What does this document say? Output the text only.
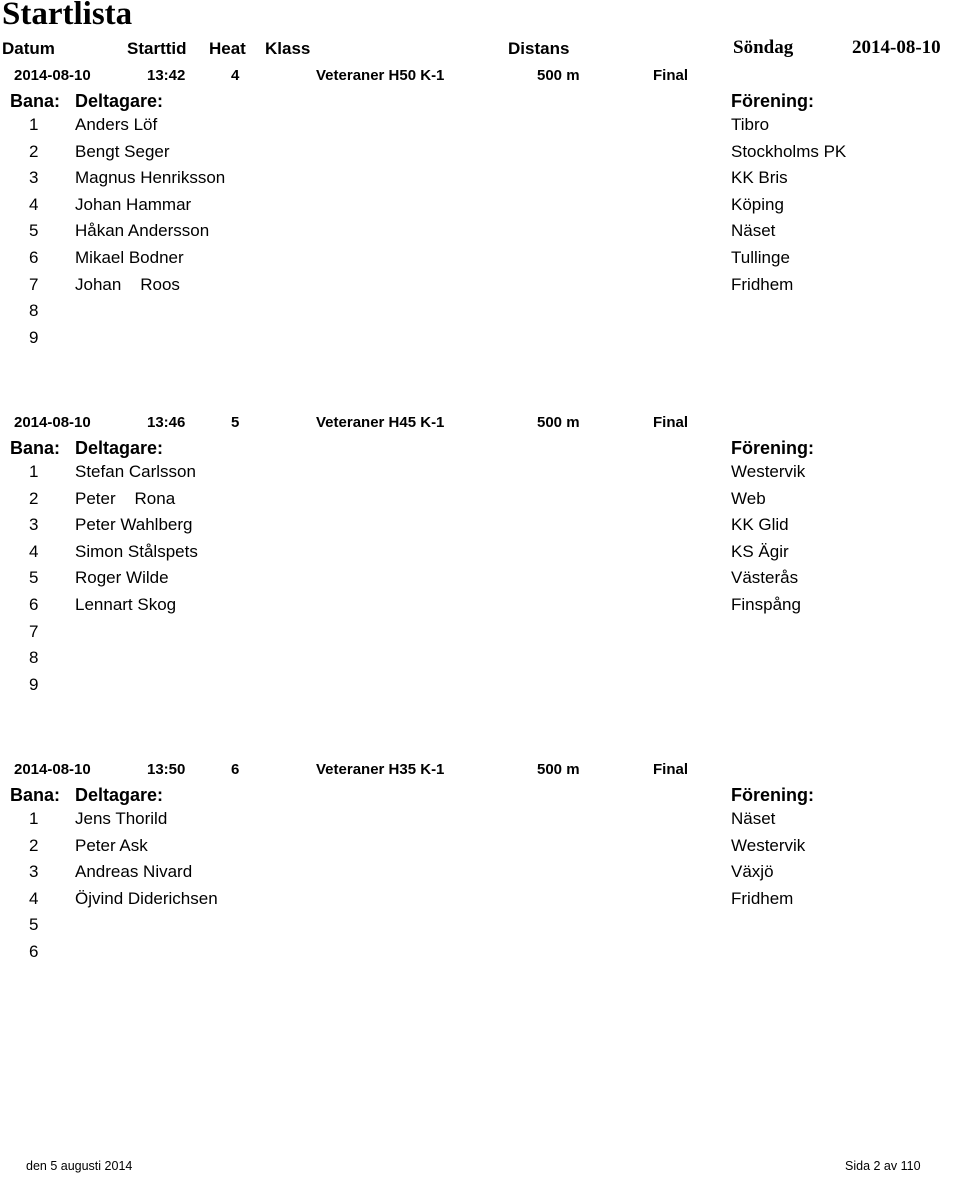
Startlista
Datum	Starttid Heat Klass	Distans	Söndag	2014-08-10
2014-08-10	13:42	4	Veteraner H50 K-1	500 m	Final
Bana: Deltagare:	Förening:
1 Anders Löf	Tibro
2 Bengt Seger	Stockholms PK
3 Magnus Henriksson	KK Bris
4 Johan Hammar	Köping
5 Håkan Andersson	Näset
6 Mikael Bodner	Tullinge
7 Johan    Roos	Fridhem
8
9
2014-08-10	13:46	5	Veteraner H45 K-1	500 m	Final
Bana: Deltagare:	Förening:
1 Stefan Carlsson	Westervik
2 Peter    Rona	Web
3 Peter Wahlberg	KK Glid
4 Simon Stålspets	KS Ägir
5 Roger Wilde	Västerås
6 Lennart Skog	Finspång
7
8
9
2014-08-10	13:50	6	Veteraner H35 K-1	500 m	Final
Bana: Deltagare:	Förening:
1 Jens Thorild	Näset
2 Peter Ask	Westervik
3 Andreas Nivard	Växjö
4 Öjvind Diderichsen	Fridhem
5
6
den 5 augusti 2014	Sida 2 av 110
